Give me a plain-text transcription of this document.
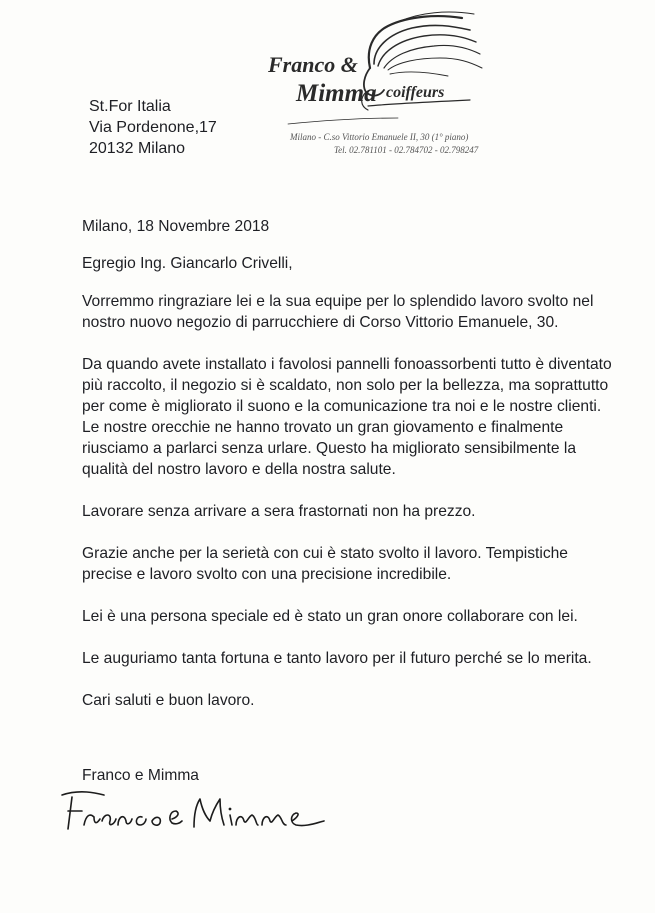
Franco &
Mimma coiffeurs
Milano - C.so Vittorio Emanuele II, 30 (1° piano)
Tel. 02.781101 - 02.784702 - 02.798247
St.For Italia
Via Pordenone,17
20132 Milano

Milano, 18 Novembre 2018

Egregio Ing. Giancarlo Crivelli,

Vorremmo ringraziare lei e la sua equipe per lo splendido lavoro svolto nel nostro nuovo negozio di parrucchiere di Corso Vittorio Emanuele, 30.

Da quando avete installato i favolosi pannelli fonoassorbenti tutto è diventato più raccolto, il negozio si è scaldato, non solo per la bellezza, ma soprattutto per come è migliorato il suono e la comunicazione tra noi e le nostre clienti. Le nostre orecchie ne hanno trovato un gran giovamento e finalmente riusciamo a parlarci senza urlare. Questo ha migliorato sensibilmente la qualità del nostro lavoro e della nostra salute.

Lavorare senza arrivare a sera frastornati non ha prezzo.

Grazie anche per la serietà con cui è stato svolto il lavoro. Tempistiche precise e lavoro svolto con una precisione incredibile.

Lei è una persona speciale ed è stato un gran onore collaborare con lei.

Le auguriamo tanta fortuna e tanto lavoro per il futuro perché se lo merita.

Cari saluti e buon lavoro.

Franco e Mimma
